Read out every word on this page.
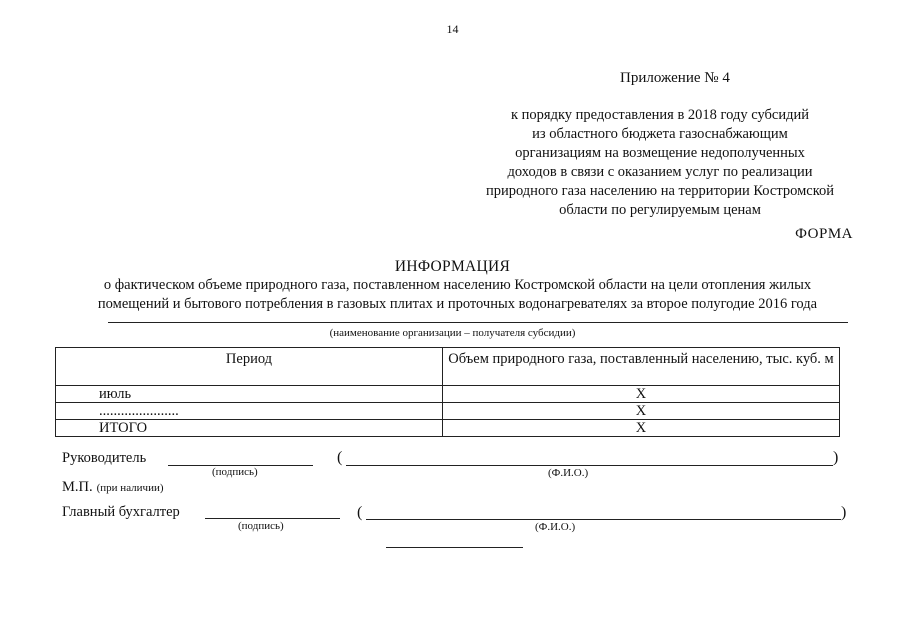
14
Приложение № 4
к порядку предоставления в 2018 году субсидий
из областного бюджета газоснабжающим
организациям на возмещение недополученных
доходов в связи с оказанием услуг по реализации
природного газа населению на территории Костромской
области по регулируемым ценам
ФОРМА
ИНФОРМАЦИЯ
о фактическом объеме природного газа, поставленном населению Костромской области на цели отопления жилых
помещений и бытового потребления в газовых плитах и проточных водонагревателях за второе полугодие 2016 года
(наименование организации – получателя субсидии)
Период	Объем природного газа, поставленный населению, тыс. куб. м
июль	X
......................	X
ИТОГО	X
Руководитель
(подпись)
(	)
(Ф.И.О.)
М.П. (при наличии)
Главный бухгалтер
(подпись)
(	)
(Ф.И.О.)
